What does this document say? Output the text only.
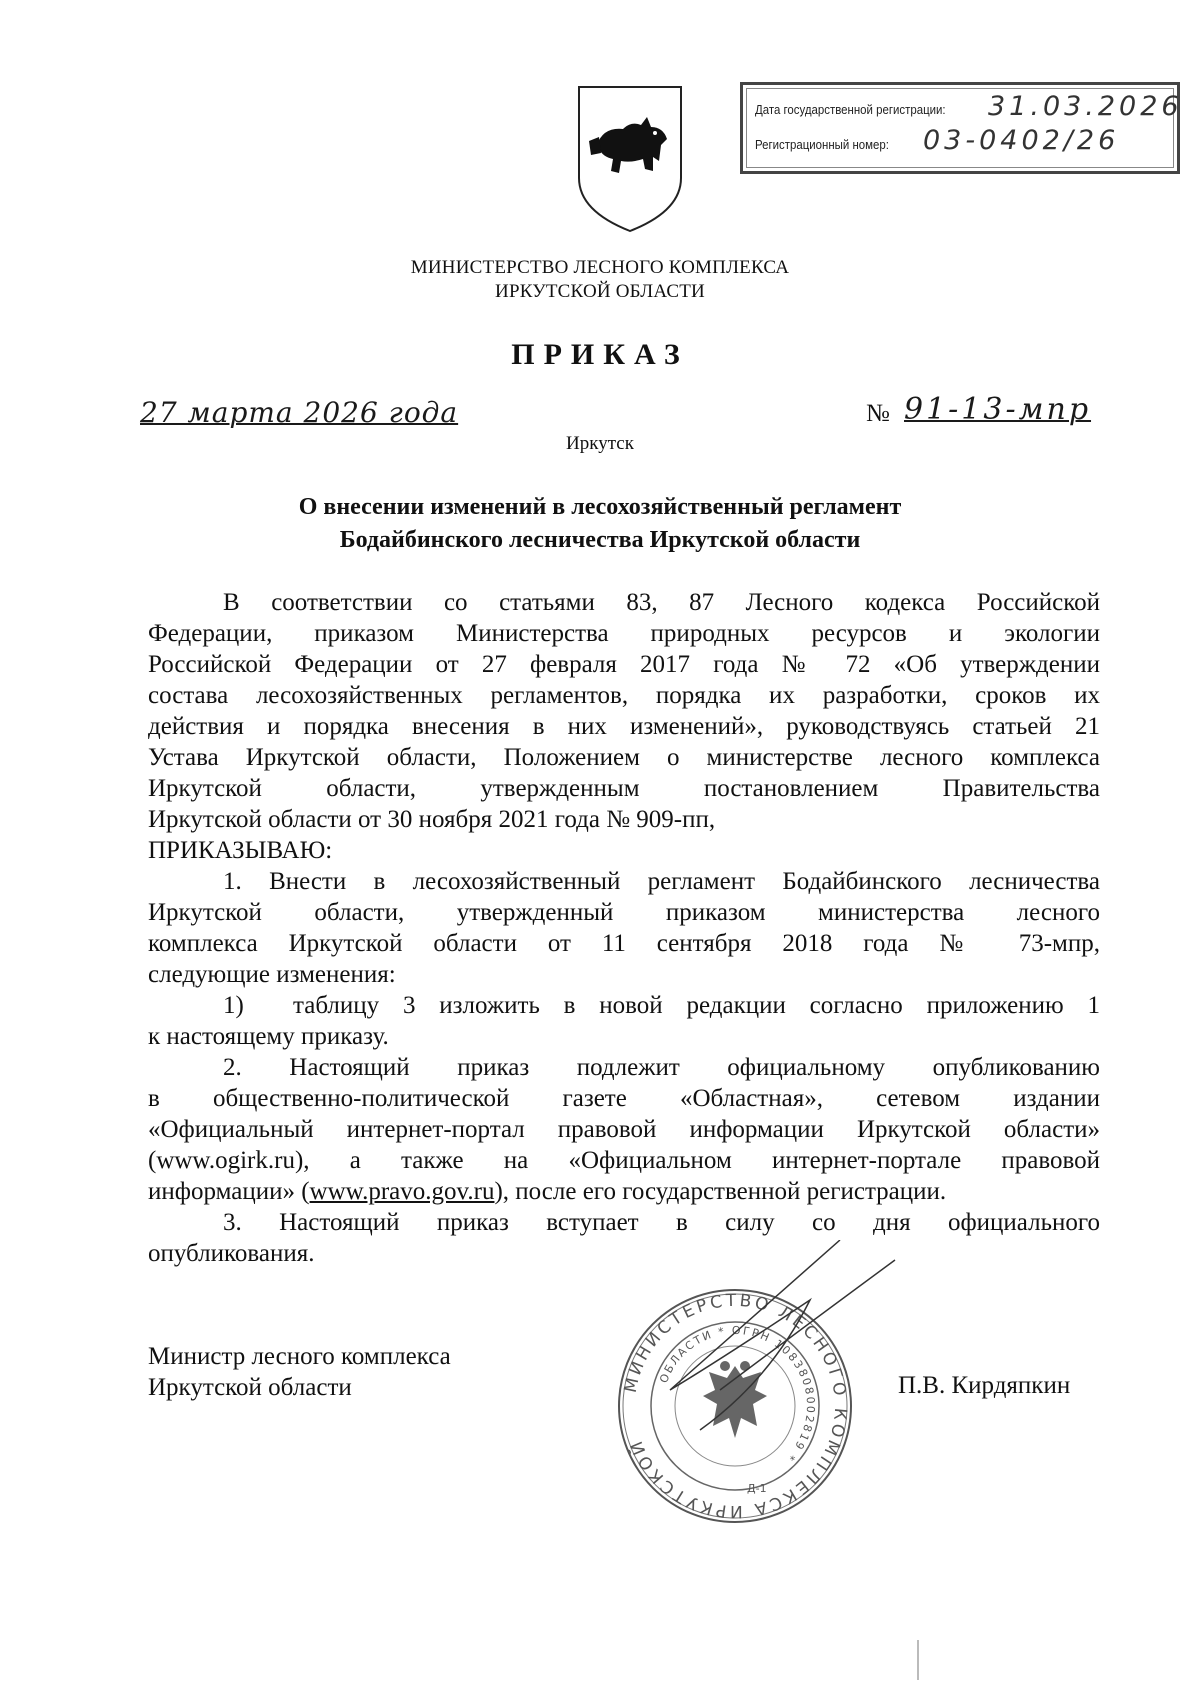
Дата государственной регистрации: 31.03.2026
Регистрационный номер: 03-0402/26
МИНИСТЕРСТВО ЛЕСНОГО КОМПЛЕКСА
ИРКУТСКОЙ ОБЛАСТИ
ПРИКАЗ
27 марта 2026 года	№ 91-13-мпр
Иркутск
О внесении изменений в лесохозяйственный регламент
Бодайбинского лесничества Иркутской области
В соответствии со статьями 83, 87 Лесного кодекса Российской
Федерации, приказом Министерства природных ресурсов и экологии
Российской Федерации от 27 февраля 2017 года № 72 «Об утверждении
состава лесохозяйственных регламентов, порядка их разработки, сроков их
действия и порядка внесения в них изменений», руководствуясь статьей 21
Устава Иркутской области, Положением о министерстве лесного комплекса
Иркутской области, утвержденным постановлением Правительства
Иркутской области от 30 ноября 2021 года № 909-пп,
ПРИКАЗЫВАЮ:
1. Внести в лесохозяйственный регламент Бодайбинского лесничества
Иркутской области, утвержденный приказом министерства лесного
комплекса Иркутской области от 11 сентября 2018 года № 73-мпр,
следующие изменения:
1)	таблицу 3 изложить в новой редакции согласно приложению 1
к настоящему приказу.
2. Настоящий приказ подлежит официальному опубликованию
в общественно-политической газете «Областная», сетевом издании
«Официальный интернет-портал правовой информации Иркутской области»
(www.ogirk.ru), а также на «Официальном интернет-портале правовой
информации» (www.pravo.gov.ru), после его государственной регистрации.
3. Настоящий приказ вступает в силу со дня официального
опубликования.
МИНИСТЕРСТВО ЛЕСНОГО КОМПЛЕКСА ИРКУТСКОЙ
ОБЛАСТИ * ОГРН 1083808002819 *
Д-1
Министр лесного комплекса
Иркутской области	П.В. Кирдяпкин
